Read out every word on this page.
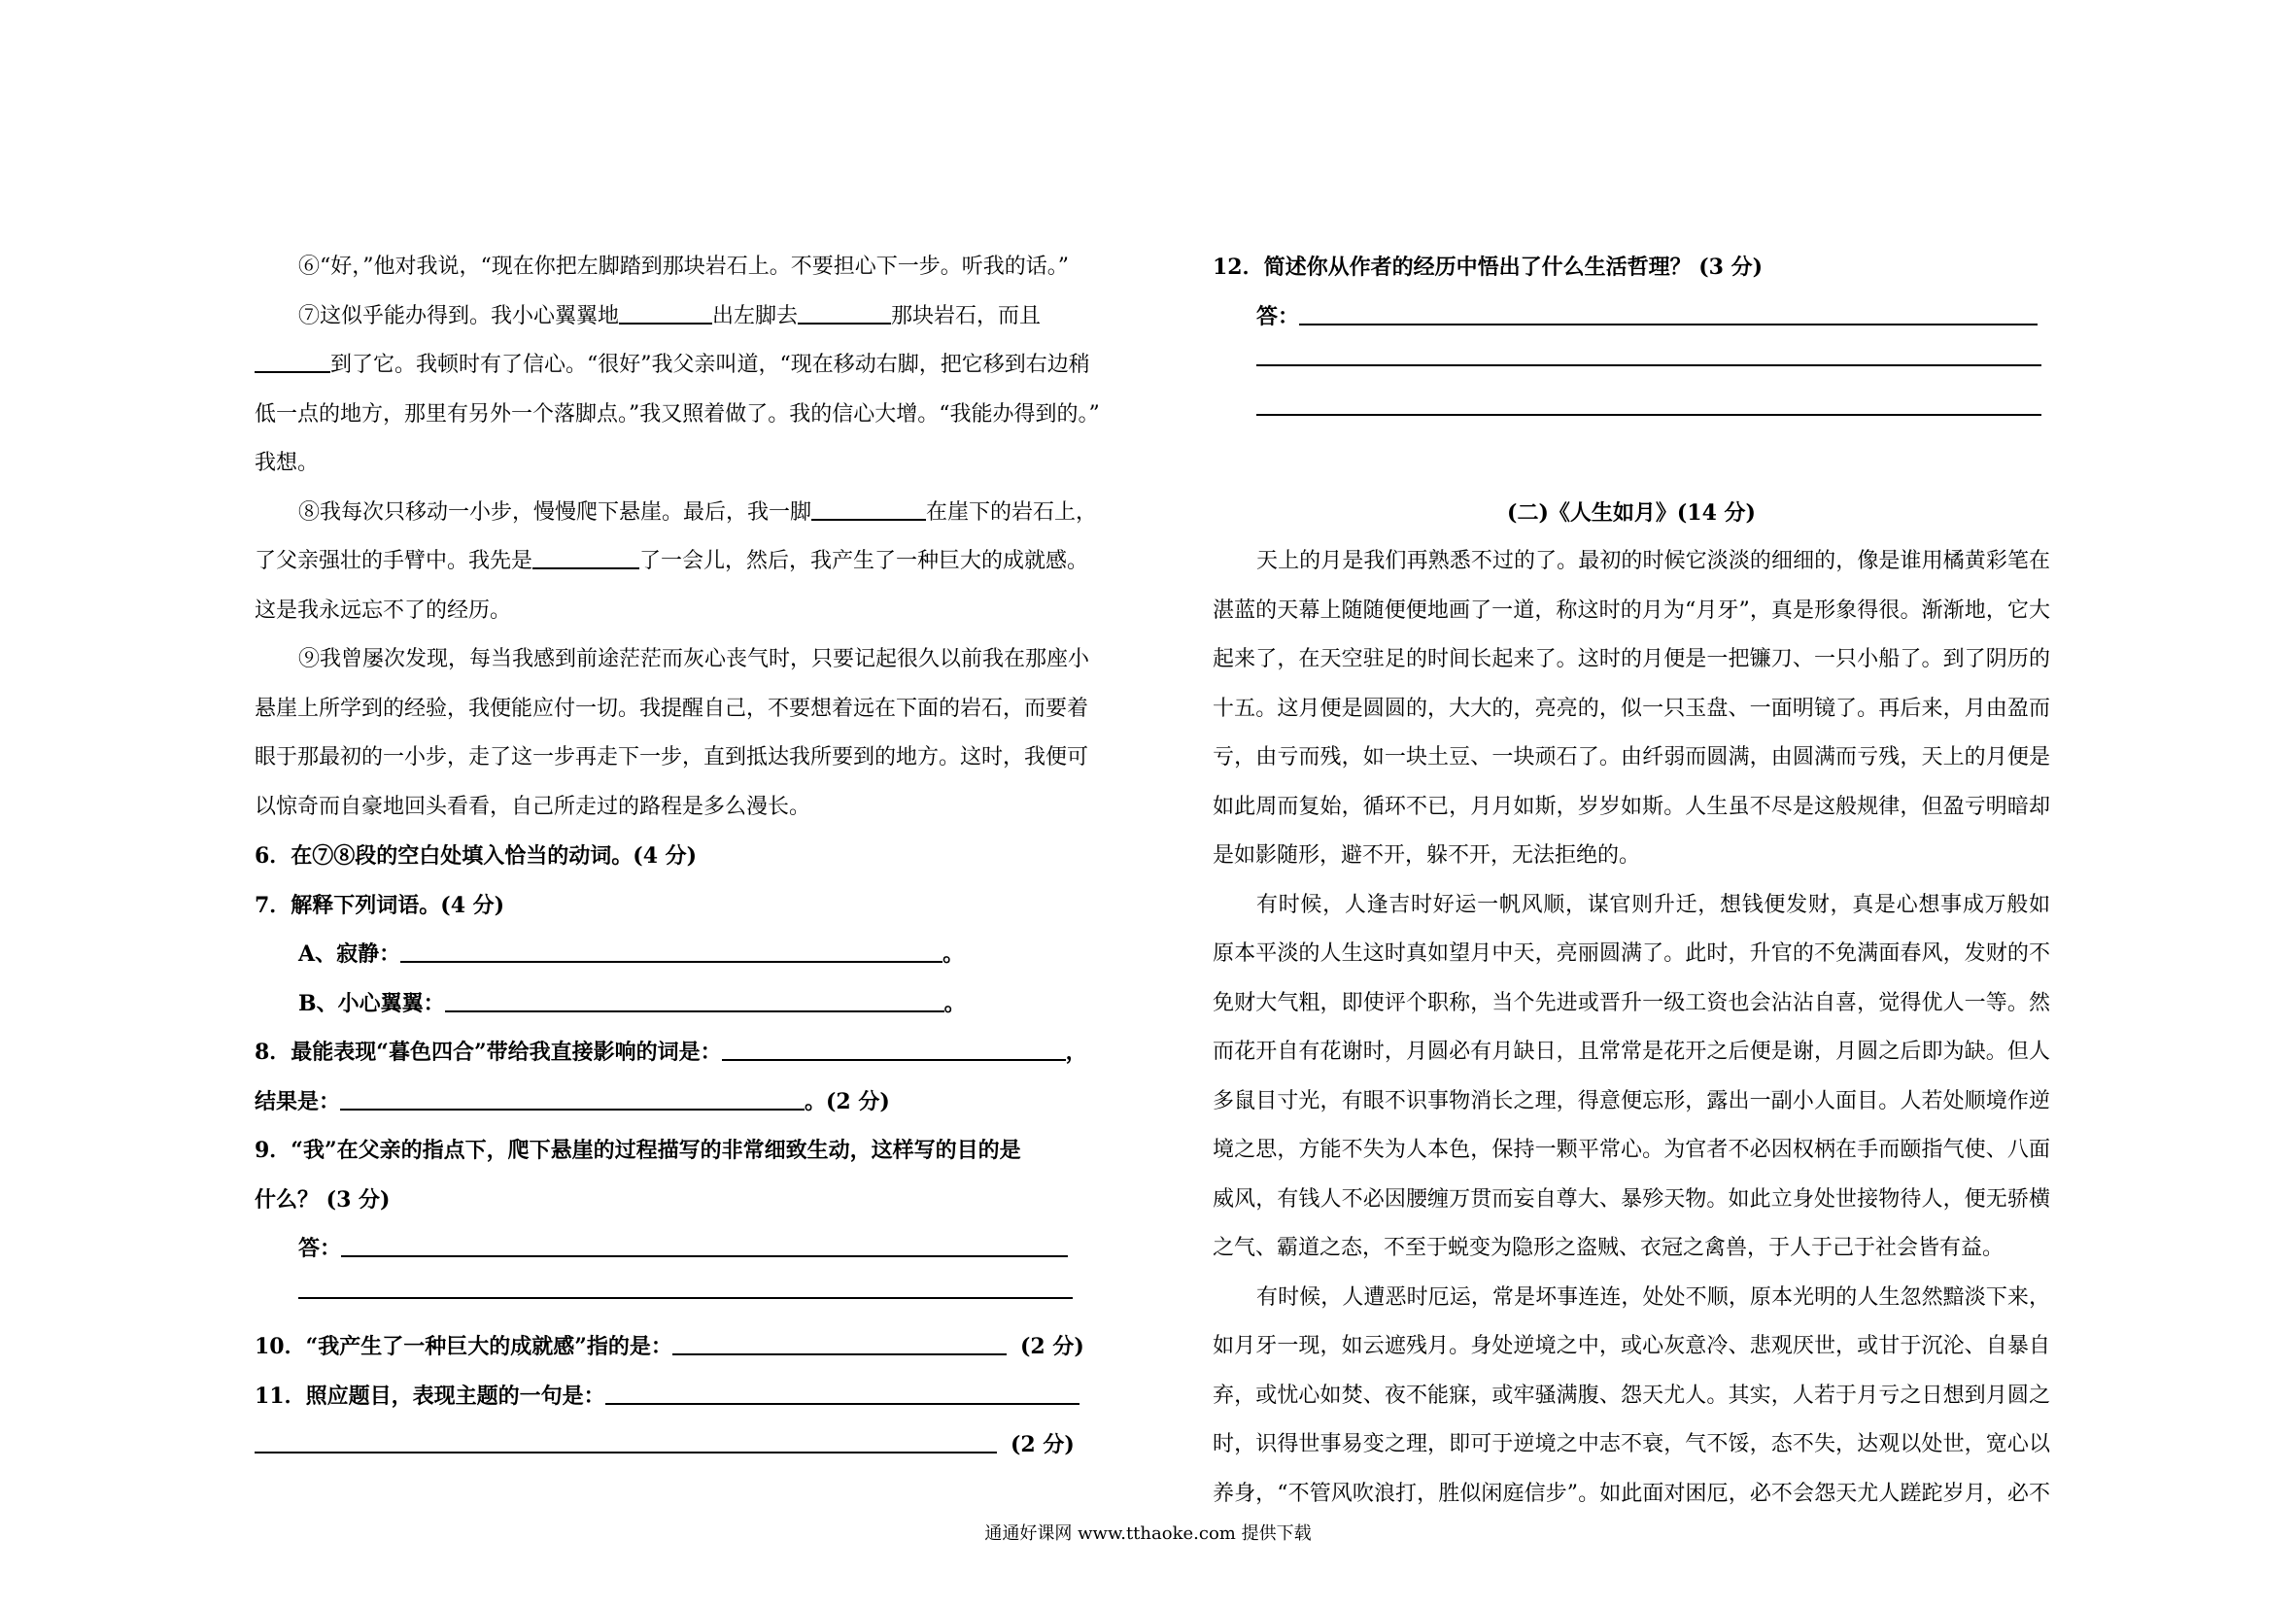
⑥“好，”他对我说，“现在你把左脚踏到那块岩石上。不要担心下一步。听我的话。”
⑦这似乎能办得到。我小心翼翼地	出左脚去	那块岩石，而且
到了它。我顿时有了信心。“很好”我父亲叫道，“现在移动右脚，把它移到右边稍
低一点的地方，那里有另外一个落脚点。”我又照着做了。我的信心大增。“我能办得到的。”
我想。
⑧我每次只移动一小步，慢慢爬下悬崖。最后，我一脚	在崖下的岩石上，
了父亲强壮的手臂中。我先是	了一会儿，然后，我产生了一种巨大的成就感。
这是我永远忘不了的经历。
⑨我曾屡次发现，每当我感到前途茫茫而灰心丧气时，只要记起很久以前我在那座小
悬崖上所学到的经验，我便能应付一切。我提醒自己，不要想着远在下面的岩石，而要着
眼于那最初的一小步，走了这一步再走下一步，直到抵达我所要到的地方。这时，我便可
以惊奇而自豪地回头看看，自己所走过的路程是多么漫长。
6．在⑦⑧段的空白处填入恰当的动词。(4 分)
7．解释下列词语。(4 分)
A、寂静：	。
B、小心翼翼：	。
8．最能表现“暮色四合”带给我直接影响的词是：	，
结果是：	。(2 分)
9．“我”在父亲的指点下，爬下悬崖的过程描写的非常细致生动，这样写的目的是
什么？ (3 分)
答：
10．“我产生了一种巨大的成就感”指的是：	(2 分)
11．照应题目，表现主题的一句是：
(2 分)
12．简述你从作者的经历中悟出了什么生活哲理？ (3 分)
答：
(二)《人生如月》(14 分)
天上的月是我们再熟悉不过的了。最初的时候它淡淡的细细的，像是谁用橘黄彩笔在
湛蓝的天幕上随随便便地画了一道，称这时的月为“月牙”，真是形象得很。渐渐地，它大
起来了，在天空驻足的时间长起来了。这时的月便是一把镰刀、一只小船了。到了阴历的
十五。这月便是圆圆的，大大的，亮亮的，似一只玉盘、一面明镜了。再后来，月由盈而
亏，由亏而残，如一块土豆、一块顽石了。由纤弱而圆满，由圆满而亏残，天上的月便是
如此周而复始，循环不已，月月如斯，岁岁如斯。人生虽不尽是这般规律，但盈亏明暗却
是如影随形，避不开，躲不开，无法拒绝的。
有时候，人逢吉时好运一帆风顺，谋官则升迁，想钱便发财，真是心想事成万般如
原本平淡的人生这时真如望月中天，亮丽圆满了。此时，升官的不免满面春风，发财的不
免财大气粗，即使评个职称，当个先进或晋升一级工资也会沾沾自喜，觉得优人一等。然
而花开自有花谢时，月圆必有月缺日，且常常是花开之后便是谢，月圆之后即为缺。但人
多鼠目寸光，有眼不识事物消长之理，得意便忘形，露出一副小人面目。人若处顺境作逆
境之思，方能不失为人本色，保持一颗平常心。为官者不必因权柄在手而颐指气使、八面
威风，有钱人不必因腰缠万贯而妄自尊大、暴殄天物。如此立身处世接物待人，便无骄横
之气、霸道之态，不至于蜕变为隐形之盗贼、衣冠之禽兽，于人于己于社会皆有益。
有时候，人遭恶时厄运，常是坏事连连，处处不顺，原本光明的人生忽然黯淡下来，
如月牙一现，如云遮残月。身处逆境之中，或心灰意冷、悲观厌世，或甘于沉沦、自暴自
弃，或忧心如焚、夜不能寐，或牢骚满腹、怨天尤人。其实，人若于月亏之日想到月圆之
时，识得世事易变之理，即可于逆境之中志不衰，气不馁，态不失，达观以处世，宽心以
养身，“不管风吹浪打，胜似闲庭信步”。如此面对困厄，必不会怨天尤人蹉跎岁月，必不
通通好课网 www.tthaoke.com 提供下载
